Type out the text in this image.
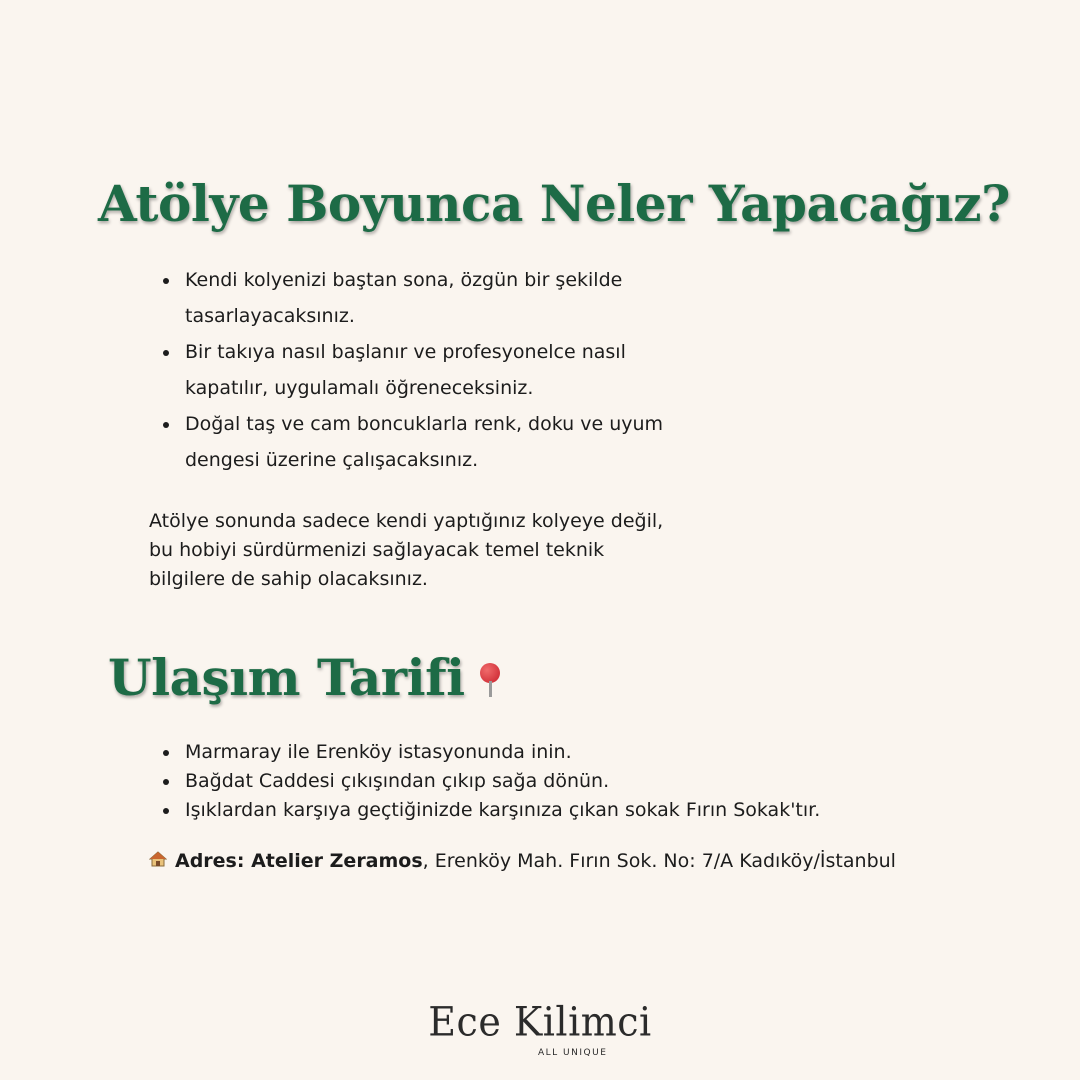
Atölye Boyunca Neler Yapacağız?
Kendi kolyenizi baştan sona, özgün bir şekilde
tasarlayacaksınız.
Bir takıya nasıl başlanır ve profesyonelce nasıl
kapatılır, uygulamalı öğreneceksiniz.
Doğal taş ve cam boncuklarla renk, doku ve uyum
dengesi üzerine çalışacaksınız.

Atölye sonunda sadece kendi yaptığınız kolyeye değil,
bu hobiyi sürdürmenizi sağlayacak temel teknik
bilgilere de sahip olacaksınız.

Ulaşım Tarifi
Marmaray ile Erenköy istasyonunda inin.
Bağdat Caddesi çıkışından çıkıp sağa dönün.
Işıklardan karşıya geçtiğinizde karşınıza çıkan sokak Fırın Sokak'tır.
Adres: Atelier Zeramos, Erenköy Mah. Fırın Sok. No: 7/A Kadıköy/İstanbul
Ece Kilimci
ALL UNIQUE
